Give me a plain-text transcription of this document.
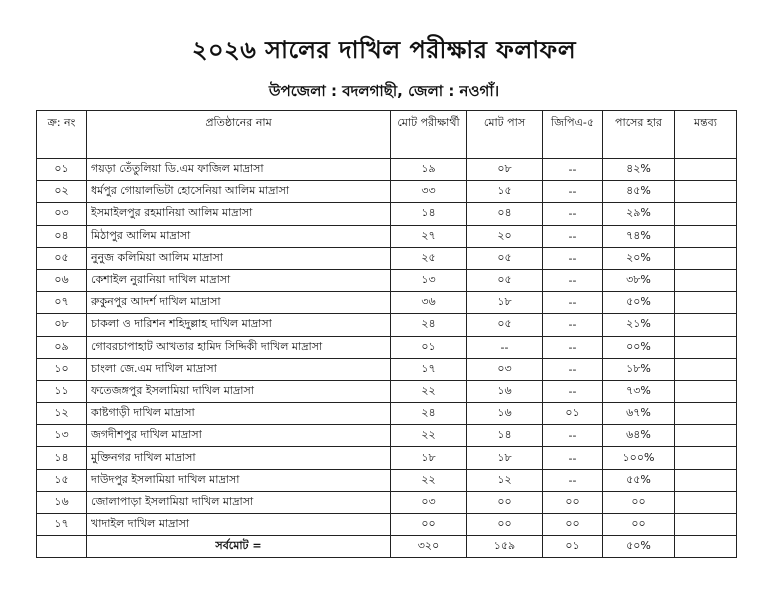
২০২৬ সালের দাখিল পরীক্ষার ফলাফল
উপজেলা : বদলগাছী, জেলা : নওগাঁ।
ক্র: নং	প্রতিষ্ঠানের নাম	মোট পরীক্ষার্থী	মোট পাস	জিপিএ-৫	পাসের হার	মন্তব্য
০১	গয়ড়া তেঁতুলিয়া ডি.এম ফাজিল মাদ্রাসা	১৯	০৮	--	৪২%	
০২	ধর্মপুর গোয়ালভিটা হোসেনিয়া আলিম মাদ্রাসা	৩৩	১৫	--	৪৫%	
০৩	ইসমাইলপুর রহমানিয়া আলিম মাদ্রাসা	১৪	০৪	--	২৯%	
০৪	মিঠাপুর আলিম মাদ্রাসা	২৭	২০	--	৭৪%	
০৫	নুনুজ কলিমিয়া আলিম মাদ্রাসা	২৫	০৫	--	২০%	
০৬	কেশাইল নুরানিয়া দাখিল মাদ্রাসা	১৩	০৫	--	৩৮%	
০৭	রুকুনপুর আদর্শ দাখিল মাদ্রাসা	৩৬	১৮	--	৫০%	
০৮	চাকলা ও দারিশন শহিদুল্লাহ দাখিল মাদ্রাসা	২৪	০৫	--	২১%	
০৯	গোবরচাপাহাট আখতার হামিদ সিদ্দিকী দাখিল মাদ্রাসা	০১	--	--	০০%	
১০	চাংলা জে.এম দাখিল মাদ্রাসা	১৭	০৩	--	১৮%	
১১	ফতেজঙ্গপুর ইসলামিয়া দাখিল মাদ্রাসা	২২	১৬	--	৭৩%	
১২	কাষ্টগাড়ী দাখিল মাদ্রাসা	২৪	১৬	০১	৬৭%	
১৩	জগদীশপুর দাখিল মাদ্রাসা	২২	১৪	--	৬৪%	
১৪	মুক্তিনগর দাখিল মাদ্রাসা	১৮	১৮	--	১০০%	
১৫	দাউদপুর ইসলামিয়া দাখিল মাদ্রাসা	২২	১২	--	৫৫%	
১৬	জোলাপাড়া ইসলামিয়া দাখিল মাদ্রাসা	০৩	০০	০০	০০	
১৭	খাদাইল দাখিল মাদ্রাসা	০০	০০	০০	০০	
	সর্বমোট =	৩২০	১৫৯	০১	৫০%	
